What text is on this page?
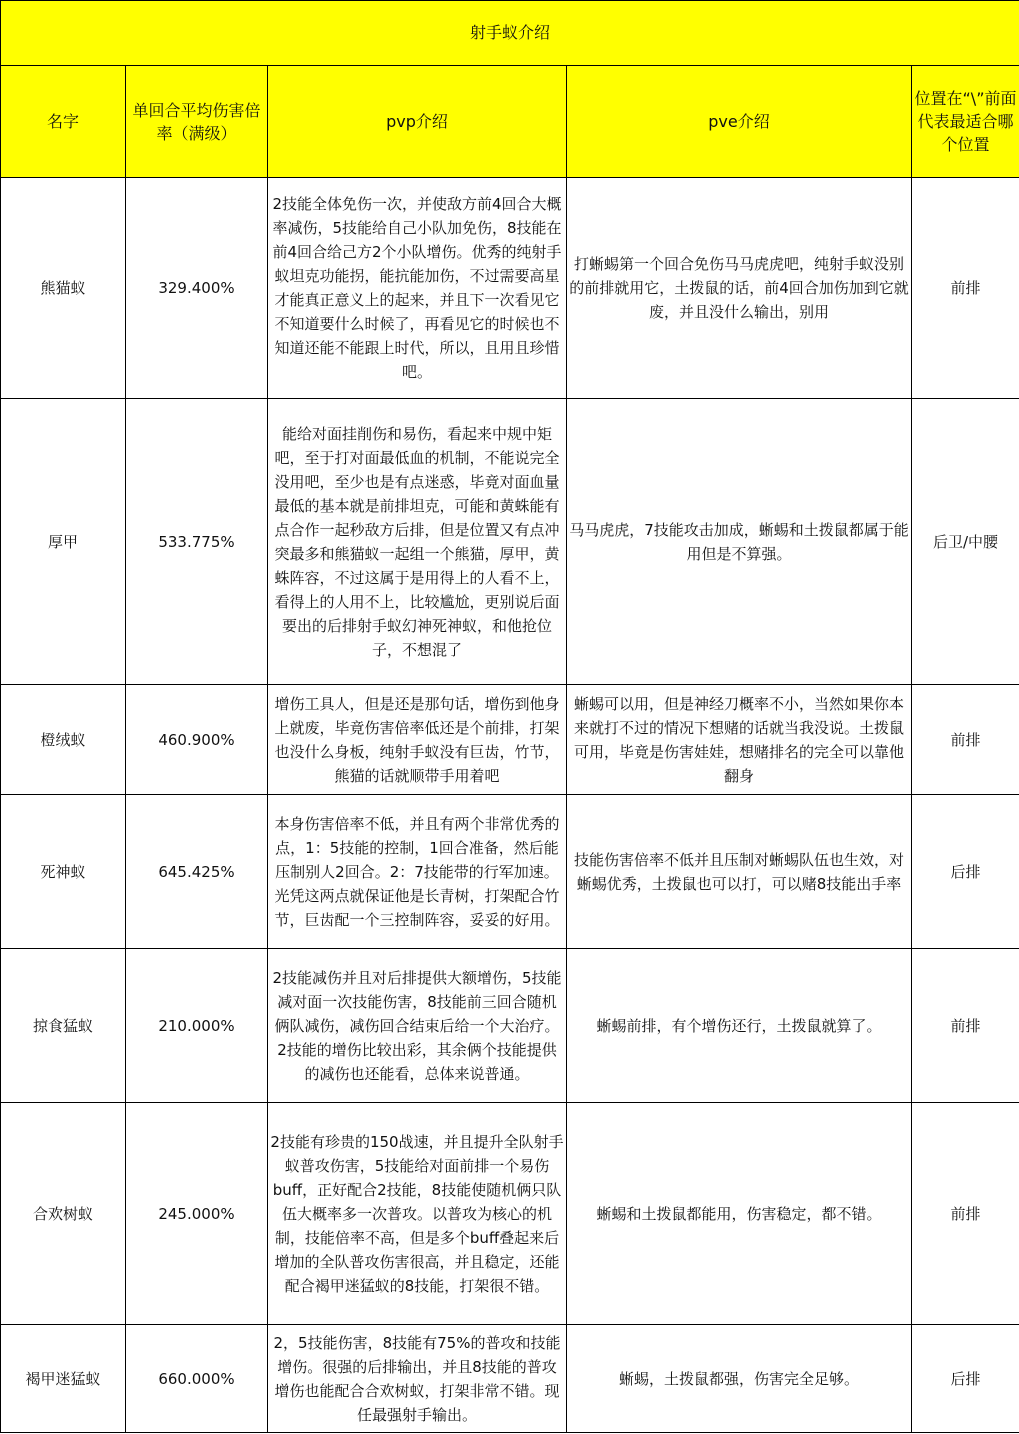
射手蚁介绍				
名字	单回合平均伤害倍率（满级）	pvp介绍	pve介绍	位置在“\”前面代表最适合哪个位置
熊猫蚁	329.400%	2技能全体免伤一次，并使敌方前4回合大概率减伤，5技能给自己小队加免伤，8技能在前4回合给己方2个小队增伤。优秀的纯射手蚁坦克功能拐，能抗能加伤，不过需要高星才能真正意义上的起来，并且下一次看见它不知道要什么时候了，再看见它的时候也不知道还能不能跟上时代，所以，且用且珍惜吧。	打蜥蜴第一个回合免伤马马虎虎吧，纯射手蚁没别的前排就用它，土拨鼠的话，前4回合加伤加到它就废，并且没什么输出，别用	前排
厚甲	533.775%	能给对面挂削伤和易伤，看起来中规中矩吧，至于打对面最低血的机制，不能说完全没用吧，至少也是有点迷惑，毕竟对面血量最低的基本就是前排坦克，可能和黄蛛能有点合作一起秒敌方后排，但是位置又有点冲突最多和熊猫蚁一起组一个熊猫，厚甲，黄蛛阵容，不过这属于是用得上的人看不上，看得上的人用不上，比较尴尬，更别说后面要出的后排射手蚁幻神死神蚁，和他抢位子，不想混了	马马虎虎，7技能攻击加成，蜥蜴和土拨鼠都属于能用但是不算强。	后卫/中腰
橙绒蚁	460.900%	增伤工具人，但是还是那句话，增伤到他身上就废，毕竟伤害倍率低还是个前排，打架也没什么身板，纯射手蚁没有巨齿，竹节，熊猫的话就顺带手用着吧	蜥蜴可以用，但是神经刀概率不小，当然如果你本来就打不过的情况下想赌的话就当我没说。土拨鼠可用，毕竟是伤害娃娃，想赌排名的完全可以靠他翻身	前排
死神蚁	645.425%	本身伤害倍率不低，并且有两个非常优秀的点，1：5技能的控制，1回合准备，然后能压制别人2回合。2：7技能带的行军加速。光凭这两点就保证他是长青树，打架配合竹节，巨齿配一个三控制阵容，妥妥的好用。	技能伤害倍率不低并且压制对蜥蜴队伍也生效，对蜥蜴优秀，土拨鼠也可以打，可以赌8技能出手率	后排
掠食猛蚁	210.000%	2技能减伤并且对后排提供大额增伤，5技能减对面一次技能伤害，8技能前三回合随机俩队减伤，减伤回合结束后给一个大治疗。2技能的增伤比较出彩，其余俩个技能提供的减伤也还能看，总体来说普通。	蜥蜴前排，有个增伤还行，土拨鼠就算了。	前排
合欢树蚁	245.000%	2技能有珍贵的150战速，并且提升全队射手蚁普攻伤害，5技能给对面前排一个易伤buff，正好配合2技能，8技能使随机俩只队伍大概率多一次普攻。以普攻为核心的机制，技能倍率不高，但是多个buff叠起来后增加的全队普攻伤害很高，并且稳定，还能配合褐甲迷猛蚁的8技能，打架很不错。	蜥蜴和土拨鼠都能用，伤害稳定，都不错。	前排
褐甲迷猛蚁	660.000%	2，5技能伤害，8技能有75%的普攻和技能增伤。很强的后排输出，并且8技能的普攻增伤也能配合合欢树蚁，打架非常不错。现任最强射手输出。	蜥蜴，土拨鼠都强，伤害完全足够。	后排
